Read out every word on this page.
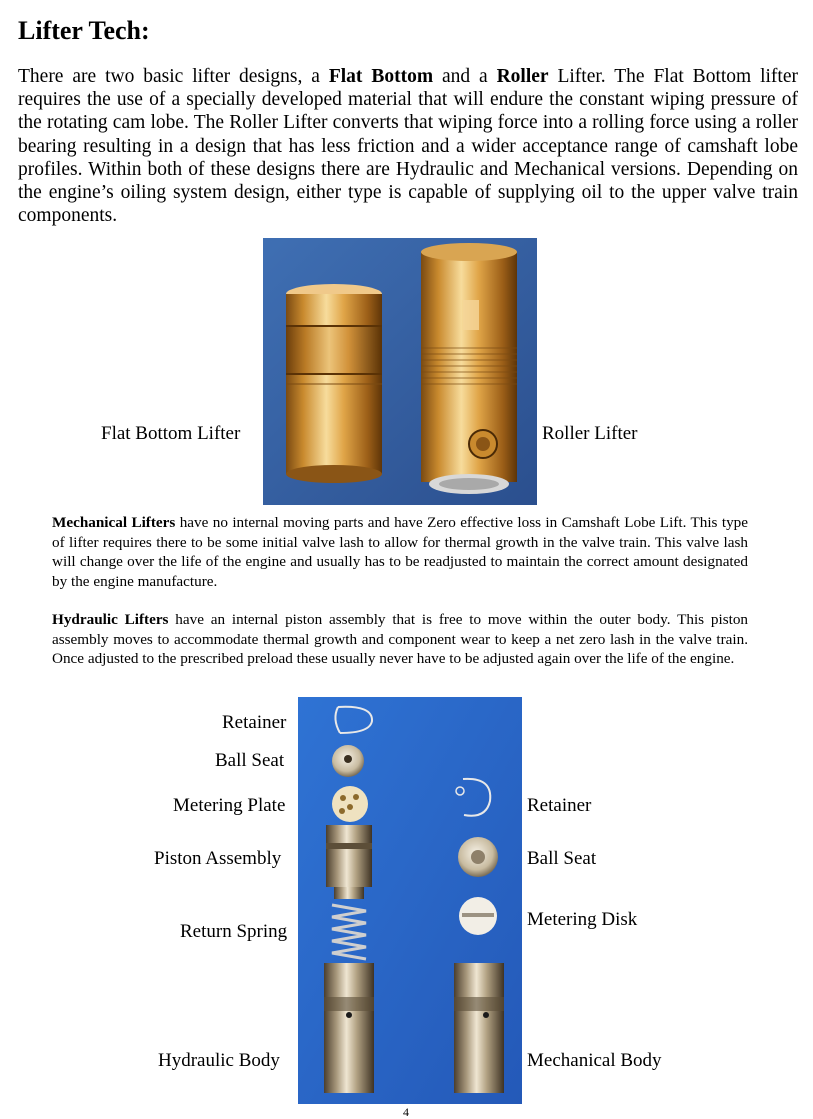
Lifter Tech:

There are two basic lifter designs, a Flat Bottom and a Roller Lifter. The Flat Bottom lifter requires the use of a specially developed material that will endure the constant wiping pressure of the rotating cam lobe. The Roller Lifter converts that wiping force into a rolling force using a roller bearing resulting in a design that has less friction and a wider acceptance range of camshaft lobe profiles. Within both of these designs there are Hydraulic and Mechanical versions. Depending on the engine’s oiling system design, either type is capable of supplying oil to the upper valve train components.

Flat Bottom Lifter	Roller Lifter

Mechanical Lifters have no internal moving parts and have Zero effective loss in Camshaft Lobe Lift. This type of lifter requires there to be some initial valve lash to allow for thermal growth in the valve train. This valve lash will change over the life of the engine and usually has to be readjusted to maintain the correct amount designated by the engine manufacture.

Hydraulic Lifters have an internal piston assembly that is free to move within the outer body. This piston assembly moves to accommodate thermal growth and component wear to keep a net zero lash in the valve train. Once adjusted to the prescribed preload these usually never have to be adjusted again over the life of the engine.

Retainer
Ball Seat
Metering Plate
Piston Assembly
Return Spring
Hydraulic Body
Retainer
Ball Seat
Metering Disk
Mechanical Body
4
